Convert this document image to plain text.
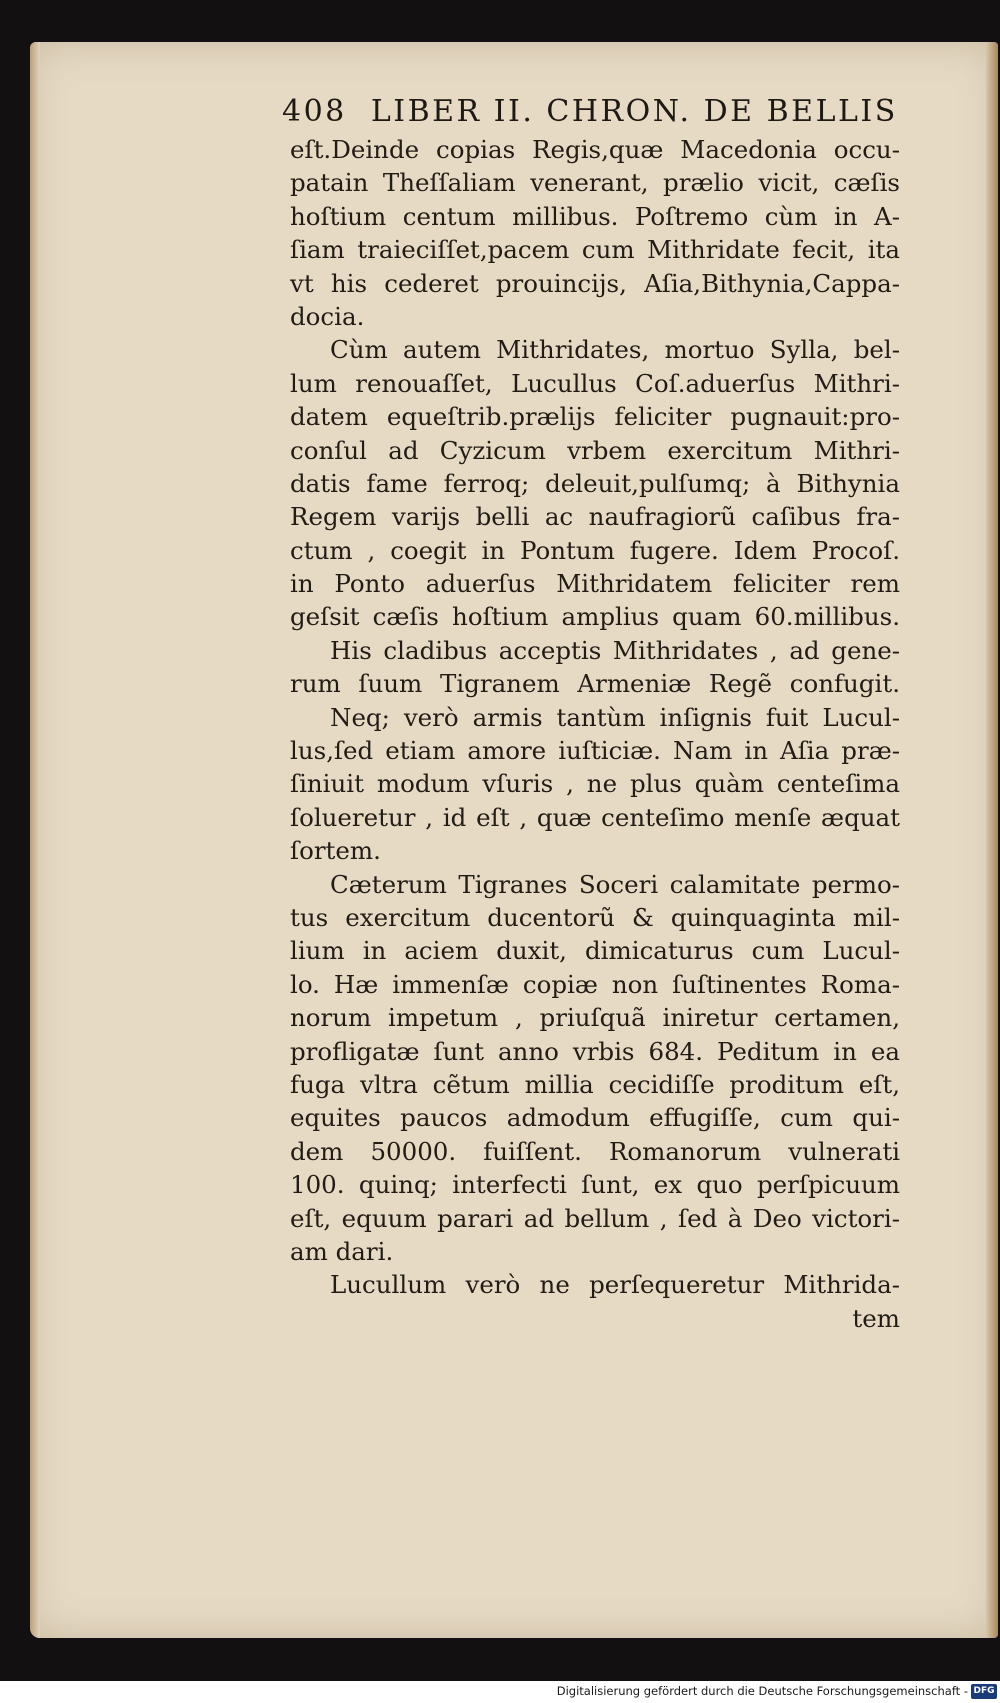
408 LIBER II. CHRON. DE BELLIS
eſt.Deinde copias Regis,quæ Macedonia occu-
patain Theſſaliam venerant, prælio vicit, cæſis
hoſtium centum millibus. Poſtremo cùm in A-
ſiam traieciſſet,pacem cum Mithridate fecit, ita
vt his cederet prouincijs, Aſia,Bithynia,Cappa-
docia.
Cùm autem Mithridates, mortuo Sylla, bel-
lum renouaſſet, Lucullus Coſ.aduerſus Mithri-
datem equeſtrib.prælijs feliciter pugnauit:pro-
conſul ad Cyzicum vrbem exercitum Mithri-
datis fame ferroq; deleuit,pulſumq; à Bithynia
Regem varijs belli ac naufragiorũ caſibus fra-
ctum , coegit in Pontum fugere. Idem Procoſ.
in Ponto aduerſus Mithridatem feliciter rem
geſsit cæſis hoſtium amplius quam 60.millibus.
His cladibus acceptis Mithridates , ad gene-
rum ſuum Tigranem Armeniæ Regẽ confugit.
Neq; verò armis tantùm inſignis fuit Lucul-
lus,ſed etiam amore iuſticiæ. Nam in Aſia præ-
ſiniuit modum vſuris , ne plus quàm centeſima
ſolueretur , id eſt , quæ centeſimo menſe æquat
ſortem.
Cæterum Tigranes Soceri calamitate permo-
tus exercitum ducentorũ & quinquaginta mil-
lium in aciem duxit, dimicaturus cum Lucul-
lo. Hæ immenſæ copiæ non ſuſtinentes Roma-
norum impetum , priuſquã iniretur certamen,
profligatæ ſunt anno vrbis 684. Peditum in ea
fuga vltra cẽtum millia cecidiſſe proditum eſt,
equites paucos admodum effugiſſe, cum qui-
dem 50000. fuiſſent. Romanorum vulnerati
100. quinq; interfecti ſunt, ex quo perſpicuum
eſt, equum parari ad bellum , ſed à Deo victori-
am dari.
Lucullum verò ne perſequeretur Mithrida-
tem
Digitalisierung gefördert durch die Deutsche Forschungsgemeinschaft - DFG
